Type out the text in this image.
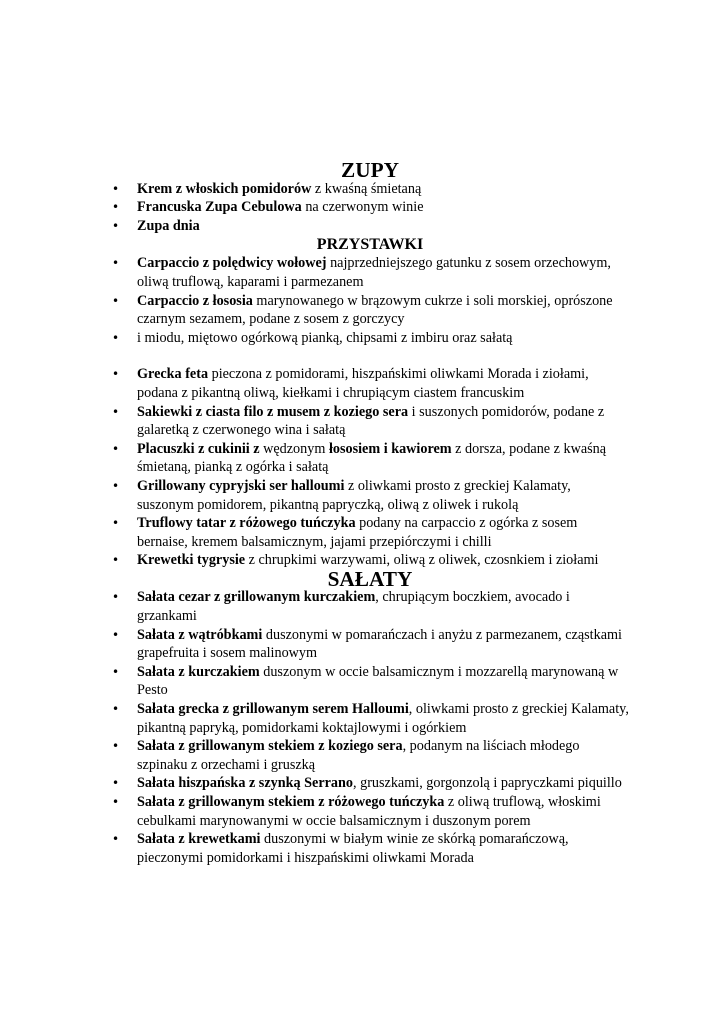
ZUPY
• Krem z włoskich pomidorów z kwaśną śmietaną
• Francuska Zupa Cebulowa na czerwonym winie
• Zupa dnia
PRZYSTAWKI
• Carpaccio z polędwicy wołowej najprzedniejszego gatunku z sosem orzechowym, oliwą truflową, kaparami i parmezanem
• Carpaccio z łososia marynowanego w brązowym cukrze i soli morskiej, oprószone czarnym sezamem, podane z sosem z gorczycy
• i miodu, miętowo ogórkową pianką, chipsami z imbiru oraz sałatą
• Grecka feta pieczona z pomidorami, hiszpańskimi oliwkami Morada i ziołami, podana z pikantną oliwą, kiełkami i chrupiącym ciastem francuskim
• Sakiewki z ciasta filo z musem z koziego sera i suszonych pomidorów, podane z galaretką z czerwonego wina i sałatą
• Placuszki z cukinii z wędzonym łososiem i kawiorem z dorsza, podane z kwaśną śmietaną, pianką z ogórka i sałatą
• Grillowany cypryjski ser halloumi z oliwkami prosto z greckiej Kalamaty, suszonym pomidorem, pikantną papryczką, oliwą z oliwek i rukolą
• Truflowy tatar z różowego tuńczyka podany na carpaccio z ogórka z sosem bernaise, kremem balsamicznym, jajami przepiórczymi i chilli
• Krewetki tygrysie z chrupkimi warzywami, oliwą z oliwek, czosnkiem i ziołami
SAŁATY
• Sałata cezar z grillowanym kurczakiem, chrupiącym boczkiem, avocado i grzankami
• Sałata z wątróbkami duszonymi w pomarańczach i anyżu z parmezanem, cząstkami grapefruita i sosem malinowym
• Sałata z kurczakiem duszonym w occie balsamicznym i mozzarellą marynowaną w Pesto
• Sałata grecka z grillowanym serem Halloumi, oliwkami prosto z greckiej Kalamaty, pikantną papryką, pomidorkami koktajlowymi i ogórkiem
• Sałata z grillowanym stekiem z koziego sera, podanym na liściach młodego szpinaku z orzechami i gruszką
• Sałata hiszpańska z szynką Serrano, gruszkami, gorgonzolą i papryczkami piquillo
• Sałata z grillowanym stekiem z różowego tuńczyka z oliwą truflową, włoskimi cebulkami marynowanymi w occie balsamicznym i duszonym porem
• Sałata z krewetkami duszonymi w białym winie ze skórką pomarańczową, pieczonymi pomidorkami i hiszpańskimi oliwkami Morada
